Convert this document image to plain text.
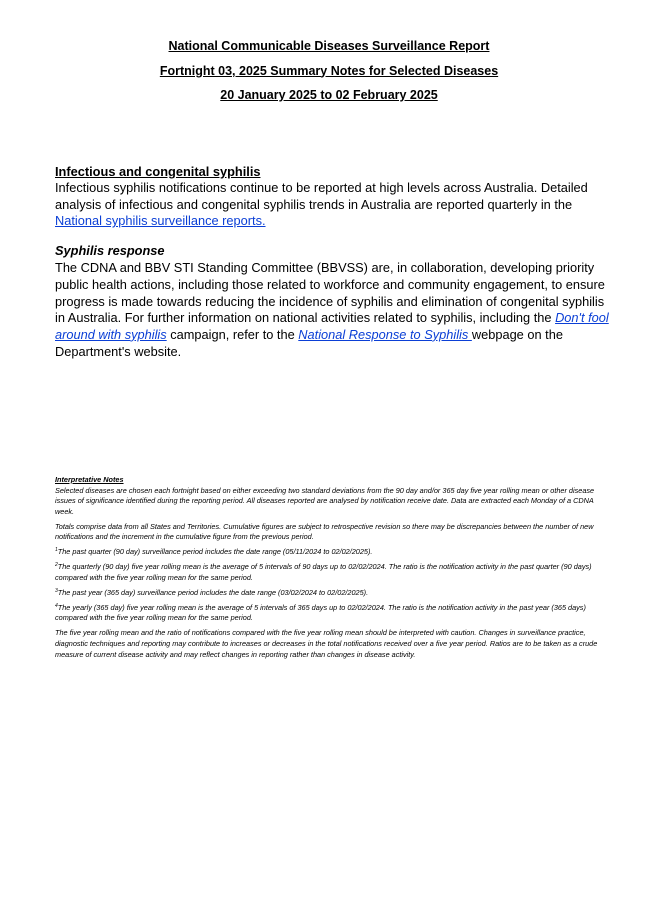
National Communicable Diseases Surveillance Report

Fortnight 03, 2025 Summary Notes for Selected Diseases

20 January 2025 to 02 February 2025

Infectious and congenital syphilis

Infectious syphilis notifications continue to be reported at high levels across Australia. Detailed analysis of infectious and congenital syphilis trends in Australia are reported quarterly in the National syphilis surveillance reports.

Syphilis response

The CDNA and BBV STI Standing Committee (BBVSS) are, in collaboration, developing priority public health actions, including those related to workforce and community engagement, to ensure progress is made towards reducing the incidence of syphilis and elimination of congenital syphilis in Australia. For further information on national activities related to syphilis, including the Don't fool around with syphilis campaign, refer to the National Response to Syphilis webpage on the Department's website.

Interpretative Notes

Selected diseases are chosen each fortnight based on either exceeding two standard deviations from the 90 day and/or 365 day five year rolling mean or other disease issues of significance identified during the reporting period. All diseases reported are analysed by notification receive date. Data are extracted each Monday of a CDNA week.

Totals comprise data from all States and Territories. Cumulative figures are subject to retrospective revision so there may be discrepancies between the number of new notifications and the increment in the cumulative figure from the previous period.

$^1$The past quarter (90 day) surveillance period includes the date range (05/11/2024 to 02/02/2025).

$^2$The quarterly (90 day) five year rolling mean is the average of 5 intervals of 90 days up to 02/02/2024. The ratio is the notification activity in the past quarter (90 days) compared with the five year rolling mean for the same period.

$^3$The past year (365 day) surveillance period includes the date range (03/02/2024 to 02/02/2025).

$^4$The yearly (365 day) five year rolling mean is the average of 5 intervals of 365 days up to 02/02/2024. The ratio is the notification activity in the past year (365 days) compared with the five year rolling mean for the same period.

The five year rolling mean and the ratio of notifications compared with the five year rolling mean should be interpreted with caution. Changes in surveillance practice, diagnostic techniques and reporting may contribute to increases or decreases in the total notifications received over a five year period. Ratios are to be taken as a crude measure of current disease activity and may reflect changes in reporting rather than changes in disease activity.
